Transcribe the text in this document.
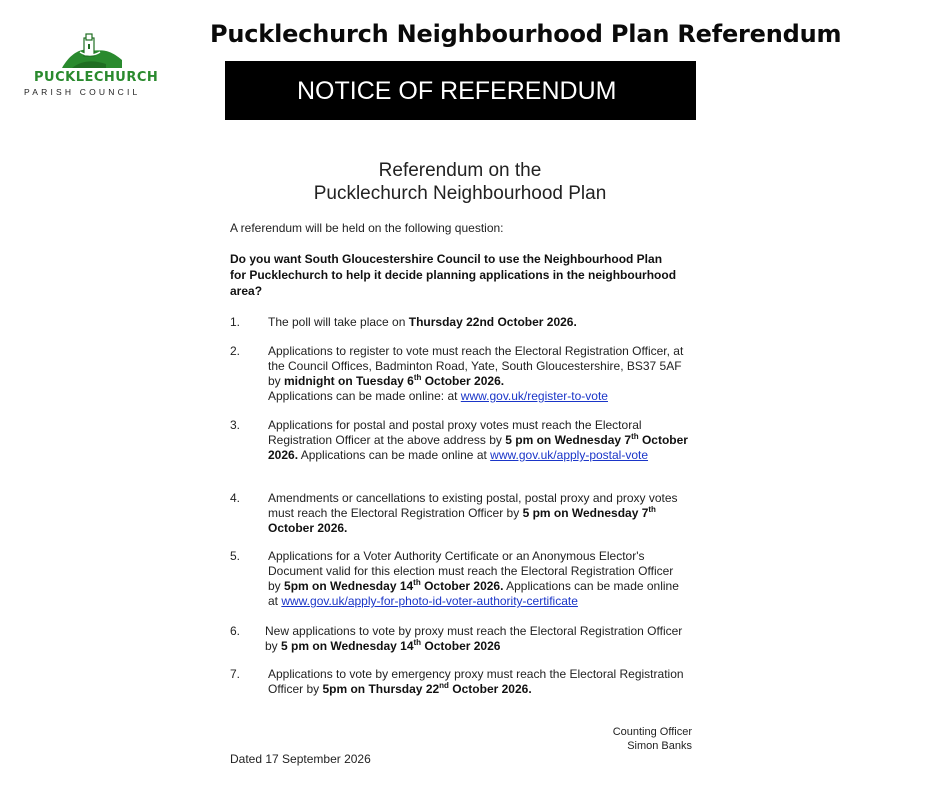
PUCKLECHURCH
PARISH COUNCIL
Pucklechurch Neighbourhood Plan Referendum
NOTICE OF REFERENDUM
Referendum on the
Pucklechurch Neighbourhood Plan
A referendum will be held on the following question:
Do you want South Gloucestershire Council to use the Neighbourhood Plan for Pucklechurch to help it decide planning applications in the neighbourhood area?
1. The poll will take place on Thursday 22nd October 2026.
2. Applications to register to vote must reach the Electoral Registration Officer, at the Council Offices, Badminton Road, Yate, South Gloucestershire, BS37 5AF by midnight on Tuesday 6th October 2026.
Applications can be made online: at www.gov.uk/register-to-vote
3. Applications for postal and postal proxy votes must reach the Electoral Registration Officer at the above address by 5 pm on Wednesday 7th October 2026. Applications can be made online at www.gov.uk/apply-postal-vote
4. Amendments or cancellations to existing postal, postal proxy and proxy votes must reach the Electoral Registration Officer by 5 pm on Wednesday 7th October 2026.
5. Applications for a Voter Authority Certificate or an Anonymous Elector's Document valid for this election must reach the Electoral Registration Officer by 5pm on Wednesday 14th October 2026. Applications can be made online at www.gov.uk/apply-for-photo-id-voter-authority-certificate
6. New applications to vote by proxy must reach the Electoral Registration Officer by 5 pm on Wednesday 14th October 2026
7. Applications to vote by emergency proxy must reach the Electoral Registration Officer by 5pm on Thursday 22nd October 2026.
Counting Officer
Simon Banks
Dated 17 September 2026
